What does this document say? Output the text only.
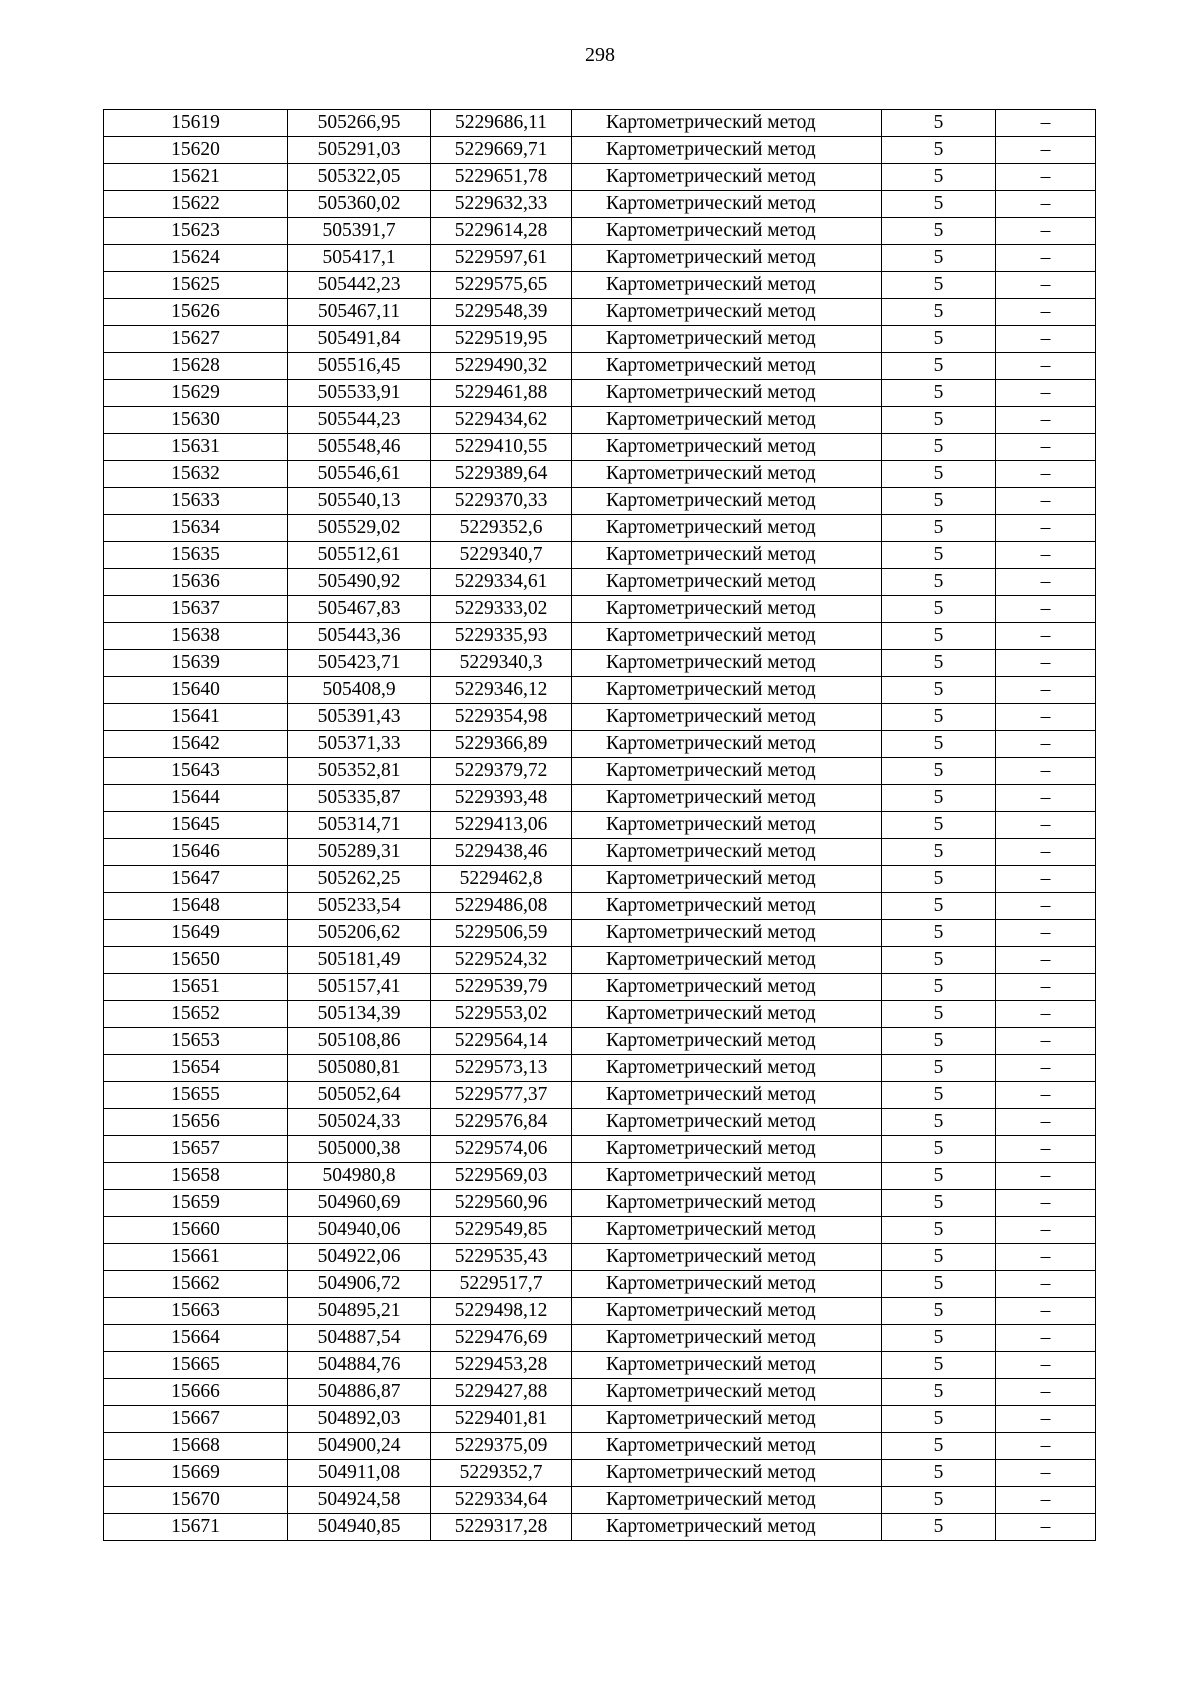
298
15619	505266,95	5229686,11	Картометрический метод	5	–
15620	505291,03	5229669,71	Картометрический метод	5	–
15621	505322,05	5229651,78	Картометрический метод	5	–
15622	505360,02	5229632,33	Картометрический метод	5	–
15623	505391,7	5229614,28	Картометрический метод	5	–
15624	505417,1	5229597,61	Картометрический метод	5	–
15625	505442,23	5229575,65	Картометрический метод	5	–
15626	505467,11	5229548,39	Картометрический метод	5	–
15627	505491,84	5229519,95	Картометрический метод	5	–
15628	505516,45	5229490,32	Картометрический метод	5	–
15629	505533,91	5229461,88	Картометрический метод	5	–
15630	505544,23	5229434,62	Картометрический метод	5	–
15631	505548,46	5229410,55	Картометрический метод	5	–
15632	505546,61	5229389,64	Картометрический метод	5	–
15633	505540,13	5229370,33	Картометрический метод	5	–
15634	505529,02	5229352,6	Картометрический метод	5	–
15635	505512,61	5229340,7	Картометрический метод	5	–
15636	505490,92	5229334,61	Картометрический метод	5	–
15637	505467,83	5229333,02	Картометрический метод	5	–
15638	505443,36	5229335,93	Картометрический метод	5	–
15639	505423,71	5229340,3	Картометрический метод	5	–
15640	505408,9	5229346,12	Картометрический метод	5	–
15641	505391,43	5229354,98	Картометрический метод	5	–
15642	505371,33	5229366,89	Картометрический метод	5	–
15643	505352,81	5229379,72	Картометрический метод	5	–
15644	505335,87	5229393,48	Картометрический метод	5	–
15645	505314,71	5229413,06	Картометрический метод	5	–
15646	505289,31	5229438,46	Картометрический метод	5	–
15647	505262,25	5229462,8	Картометрический метод	5	–
15648	505233,54	5229486,08	Картометрический метод	5	–
15649	505206,62	5229506,59	Картометрический метод	5	–
15650	505181,49	5229524,32	Картометрический метод	5	–
15651	505157,41	5229539,79	Картометрический метод	5	–
15652	505134,39	5229553,02	Картометрический метод	5	–
15653	505108,86	5229564,14	Картометрический метод	5	–
15654	505080,81	5229573,13	Картометрический метод	5	–
15655	505052,64	5229577,37	Картометрический метод	5	–
15656	505024,33	5229576,84	Картометрический метод	5	–
15657	505000,38	5229574,06	Картометрический метод	5	–
15658	504980,8	5229569,03	Картометрический метод	5	–
15659	504960,69	5229560,96	Картометрический метод	5	–
15660	504940,06	5229549,85	Картометрический метод	5	–
15661	504922,06	5229535,43	Картометрический метод	5	–
15662	504906,72	5229517,7	Картометрический метод	5	–
15663	504895,21	5229498,12	Картометрический метод	5	–
15664	504887,54	5229476,69	Картометрический метод	5	–
15665	504884,76	5229453,28	Картометрический метод	5	–
15666	504886,87	5229427,88	Картометрический метод	5	–
15667	504892,03	5229401,81	Картометрический метод	5	–
15668	504900,24	5229375,09	Картометрический метод	5	–
15669	504911,08	5229352,7	Картометрический метод	5	–
15670	504924,58	5229334,64	Картометрический метод	5	–
15671	504940,85	5229317,28	Картометрический метод	5	–
